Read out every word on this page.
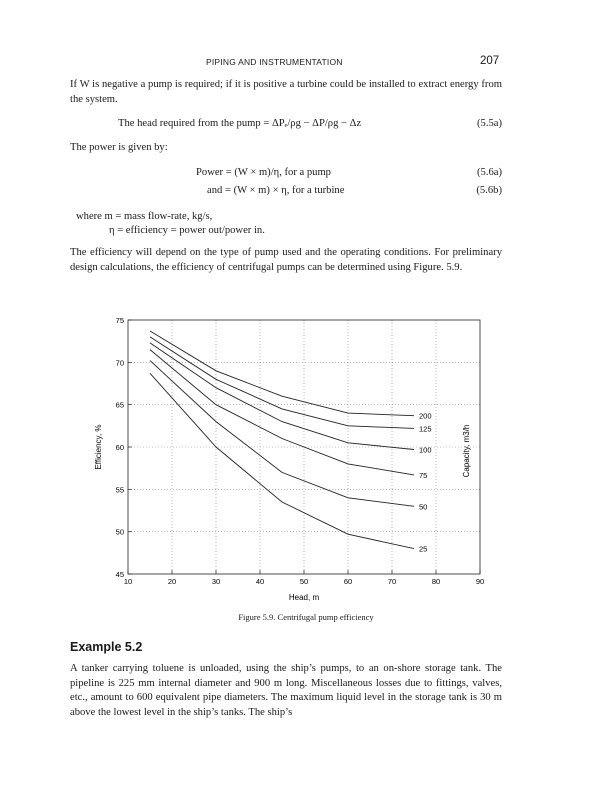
PIPING AND INSTRUMENTATION	207
If W is negative a pump is required; if it is positive a turbine could be installed to extract energy from the system.
The head required from the pump = ΔPₑ/ρg − ΔP/ρg − Δz	(5.5a)
The power is given by:
Power = (W × m)/η, for a pump	(5.6a)
and = (W × m) × η, for a turbine	(5.6b)
where m = mass flow-rate, kg/s,
η = efficiency = power out/power in.
The efficiency will depend on the type of pump used and the operating conditions. For preliminary design calculations, the efficiency of centrifugal pumps can be determined using Figure. 5.9.
10	20	30	40	50	60	70	80	90
45
50
55
60
65
70
75
200
125
100
75
50
25
Head, m
Efficiency, %	Capacity, m3/h
Figure 5.9. Centrifugal pump efficiency
Example 5.2
A tanker carrying toluene is unloaded, using the ship’s pumps, to an on-shore storage tank. The pipeline is 225 mm internal diameter and 900 m long. Miscellaneous losses due to fittings, valves, etc., amount to 600 equivalent pipe diameters. The maximum liquid level in the storage tank is 30 m above the lowest level in the ship’s tanks. The ship’s
